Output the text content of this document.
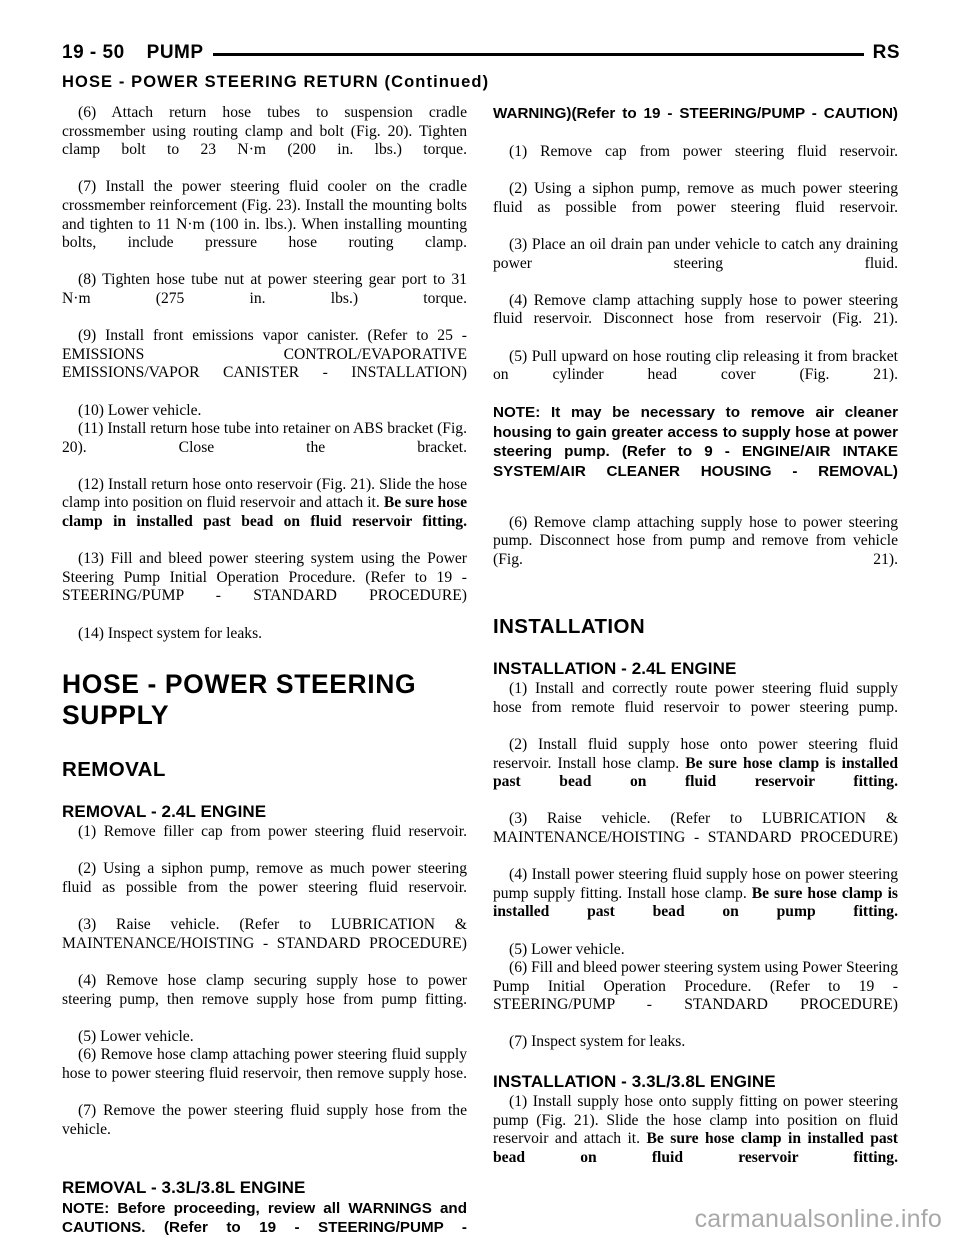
19 - 50 PUMP	RS
HOSE - POWER STEERING RETURN (Continued)

(6) Attach return hose tubes to suspension cradle crossmember using routing clamp and bolt (Fig. 20). Tighten clamp bolt to 23 N·m (200 in. lbs.) torque.

(7) Install the power steering fluid cooler on the cradle crossmember reinforcement (Fig. 23). Install the mounting bolts and tighten to 11 N·m (100 in. lbs.). When installing mounting bolts, include pressure hose routing clamp.

(8) Tighten hose tube nut at power steering gear port to 31 N·m (275 in. lbs.) torque.

(9) Install front emissions vapor canister. (Refer to 25 - EMISSIONS CONTROL/EVAPORATIVE EMISSIONS/VAPOR CANISTER - INSTALLATION)

(10) Lower vehicle.

(11) Install return hose tube into retainer on ABS bracket (Fig. 20). Close the bracket.

(12) Install return hose onto reservoir (Fig. 21). Slide the hose clamp into position on fluid reservoir and attach it. Be sure hose clamp in installed past bead on fluid reservoir fitting.

(13) Fill and bleed power steering system using the Power Steering Pump Initial Operation Procedure. (Refer to 19 - STEERING/PUMP - STANDARD PROCEDURE)

(14) Inspect system for leaks.

HOSE - POWER STEERING
SUPPLY
REMOVAL
REMOVAL - 2.4L ENGINE

(1) Remove filler cap from power steering fluid reservoir.

(2) Using a siphon pump, remove as much power steering fluid as possible from the power steering fluid reservoir.

(3) Raise vehicle. (Refer to LUBRICATION & MAINTENANCE/HOISTING - STANDARD PROCEDURE)

(4) Remove hose clamp securing supply hose to power steering pump, then remove supply hose from pump fitting.

(5) Lower vehicle.

(6) Remove hose clamp attaching power steering fluid supply hose to power steering fluid reservoir, then remove supply hose.

(7) Remove the power steering fluid supply hose from the vehicle.

REMOVAL - 3.3L/3.8L ENGINE

NOTE: Before proceeding, review all WARNINGS and CAUTIONS. (Refer to 19 - STEERING/PUMP -

WARNING)(Refer to 19 - STEERING/PUMP - CAUTION)

(1) Remove cap from power steering fluid reservoir.

(2) Using a siphon pump, remove as much power steering fluid as possible from power steering fluid reservoir.

(3) Place an oil drain pan under vehicle to catch any draining power steering fluid.

(4) Remove clamp attaching supply hose to power steering fluid reservoir. Disconnect hose from reservoir (Fig. 21).

(5) Pull upward on hose routing clip releasing it from bracket on cylinder head cover (Fig. 21).

NOTE: It may be necessary to remove air cleaner housing to gain greater access to supply hose at power steering pump. (Refer to 9 - ENGINE/AIR INTAKE SYSTEM/AIR CLEANER HOUSING - REMOVAL)

(6) Remove clamp attaching supply hose to power steering pump. Disconnect hose from pump and remove from vehicle (Fig. 21).

INSTALLATION
INSTALLATION - 2.4L ENGINE

(1) Install and correctly route power steering fluid supply hose from remote fluid reservoir to power steering pump.

(2) Install fluid supply hose onto power steering fluid reservoir. Install hose clamp. Be sure hose clamp is installed past bead on fluid reservoir fitting.

(3) Raise vehicle. (Refer to LUBRICATION & MAINTENANCE/HOISTING - STANDARD PROCEDURE)

(4) Install power steering fluid supply hose on power steering pump supply fitting. Install hose clamp. Be sure hose clamp is installed past bead on pump fitting.

(5) Lower vehicle.

(6) Fill and bleed power steering system using Power Steering Pump Initial Operation Procedure. (Refer to 19 - STEERING/PUMP - STANDARD PROCEDURE)

(7) Inspect system for leaks.

INSTALLATION - 3.3L/3.8L ENGINE

(1) Install supply hose onto supply fitting on power steering pump (Fig. 21). Slide the hose clamp into position on fluid reservoir and attach it. Be sure hose clamp in installed past bead on fluid reservoir fitting.

carmanualsonline.info
